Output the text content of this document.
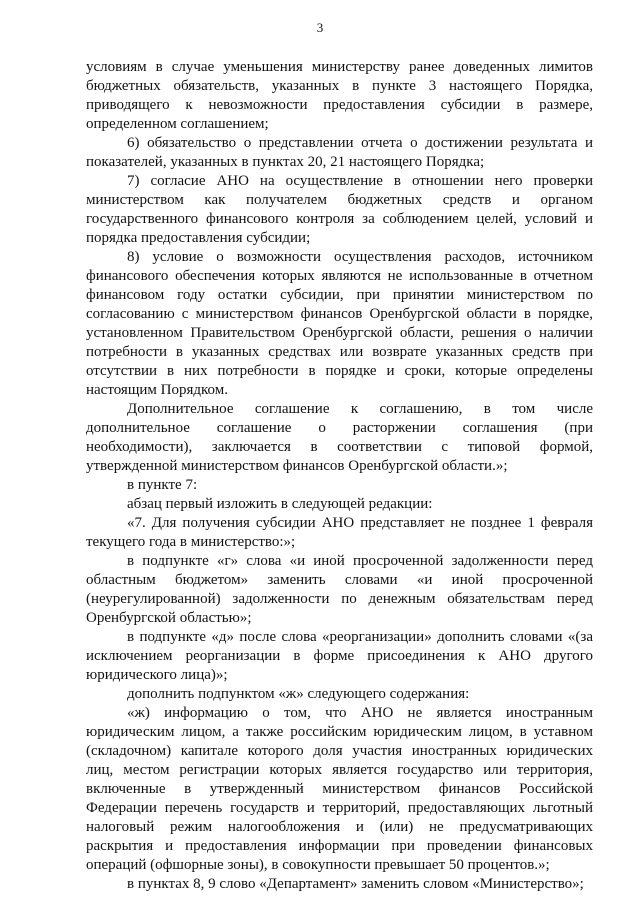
3
условиям в случае уменьшения министерству ранее доведенных лимитов
бюджетных обязательств, указанных в пункте 3 настоящего Порядка,
приводящего к невозможности предоставления субсидии в размере,
определенном соглашением;
6) обязательство о представлении отчета о достижении результата и
показателей, указанных в пунктах 20, 21 настоящего Порядка;
7) согласие АНО на осуществление в отношении него проверки
министерством как получателем бюджетных средств и органом
государственного финансового контроля за соблюдением целей, условий и
порядка предоставления субсидии;
8) условие о возможности осуществления расходов, источником
финансового обеспечения которых являются не использованные в отчетном
финансовом году остатки субсидии, при принятии министерством по
согласованию с министерством финансов Оренбургской области в порядке,
установленном Правительством Оренбургской области, решения о наличии
потребности в указанных средствах или возврате указанных средств при
отсутствии в них потребности в порядке и сроки, которые определены
настоящим Порядком.
Дополнительное соглашение к соглашению, в том числе
дополнительное соглашение о расторжении соглашения (при
необходимости), заключается в соответствии с типовой формой,
утвержденной министерством финансов Оренбургской области.»;
в пункте 7:
абзац первый изложить в следующей редакции:
«7. Для получения субсидии АНО представляет не позднее 1 февраля
текущего года в министерство:»;
в подпункте «г» слова «и иной просроченной задолженности перед
областным бюджетом» заменить словами «и иной просроченной
(неурегулированной) задолженности по денежным обязательствам перед
Оренбургской областью»;
в подпункте «д» после слова «реорганизации» дополнить словами «(за
исключением реорганизации в форме присоединения к АНО другого
юридического лица)»;
дополнить подпунктом «ж» следующего содержания:
«ж) информацию о том, что АНО не является иностранным
юридическим лицом, а также российским юридическим лицом, в уставном
(складочном) капитале которого доля участия иностранных юридических
лиц, местом регистрации которых является государство или территория,
включенные в утвержденный министерством финансов Российской
Федерации перечень государств и территорий, предоставляющих льготный
налоговый режим налогообложения и (или) не предусматривающих
раскрытия и предоставления информации при проведении финансовых
операций (офшорные зоны), в совокупности превышает 50 процентов.»;
в пунктах 8, 9 слово «Департамент» заменить словом «Министерство»;
